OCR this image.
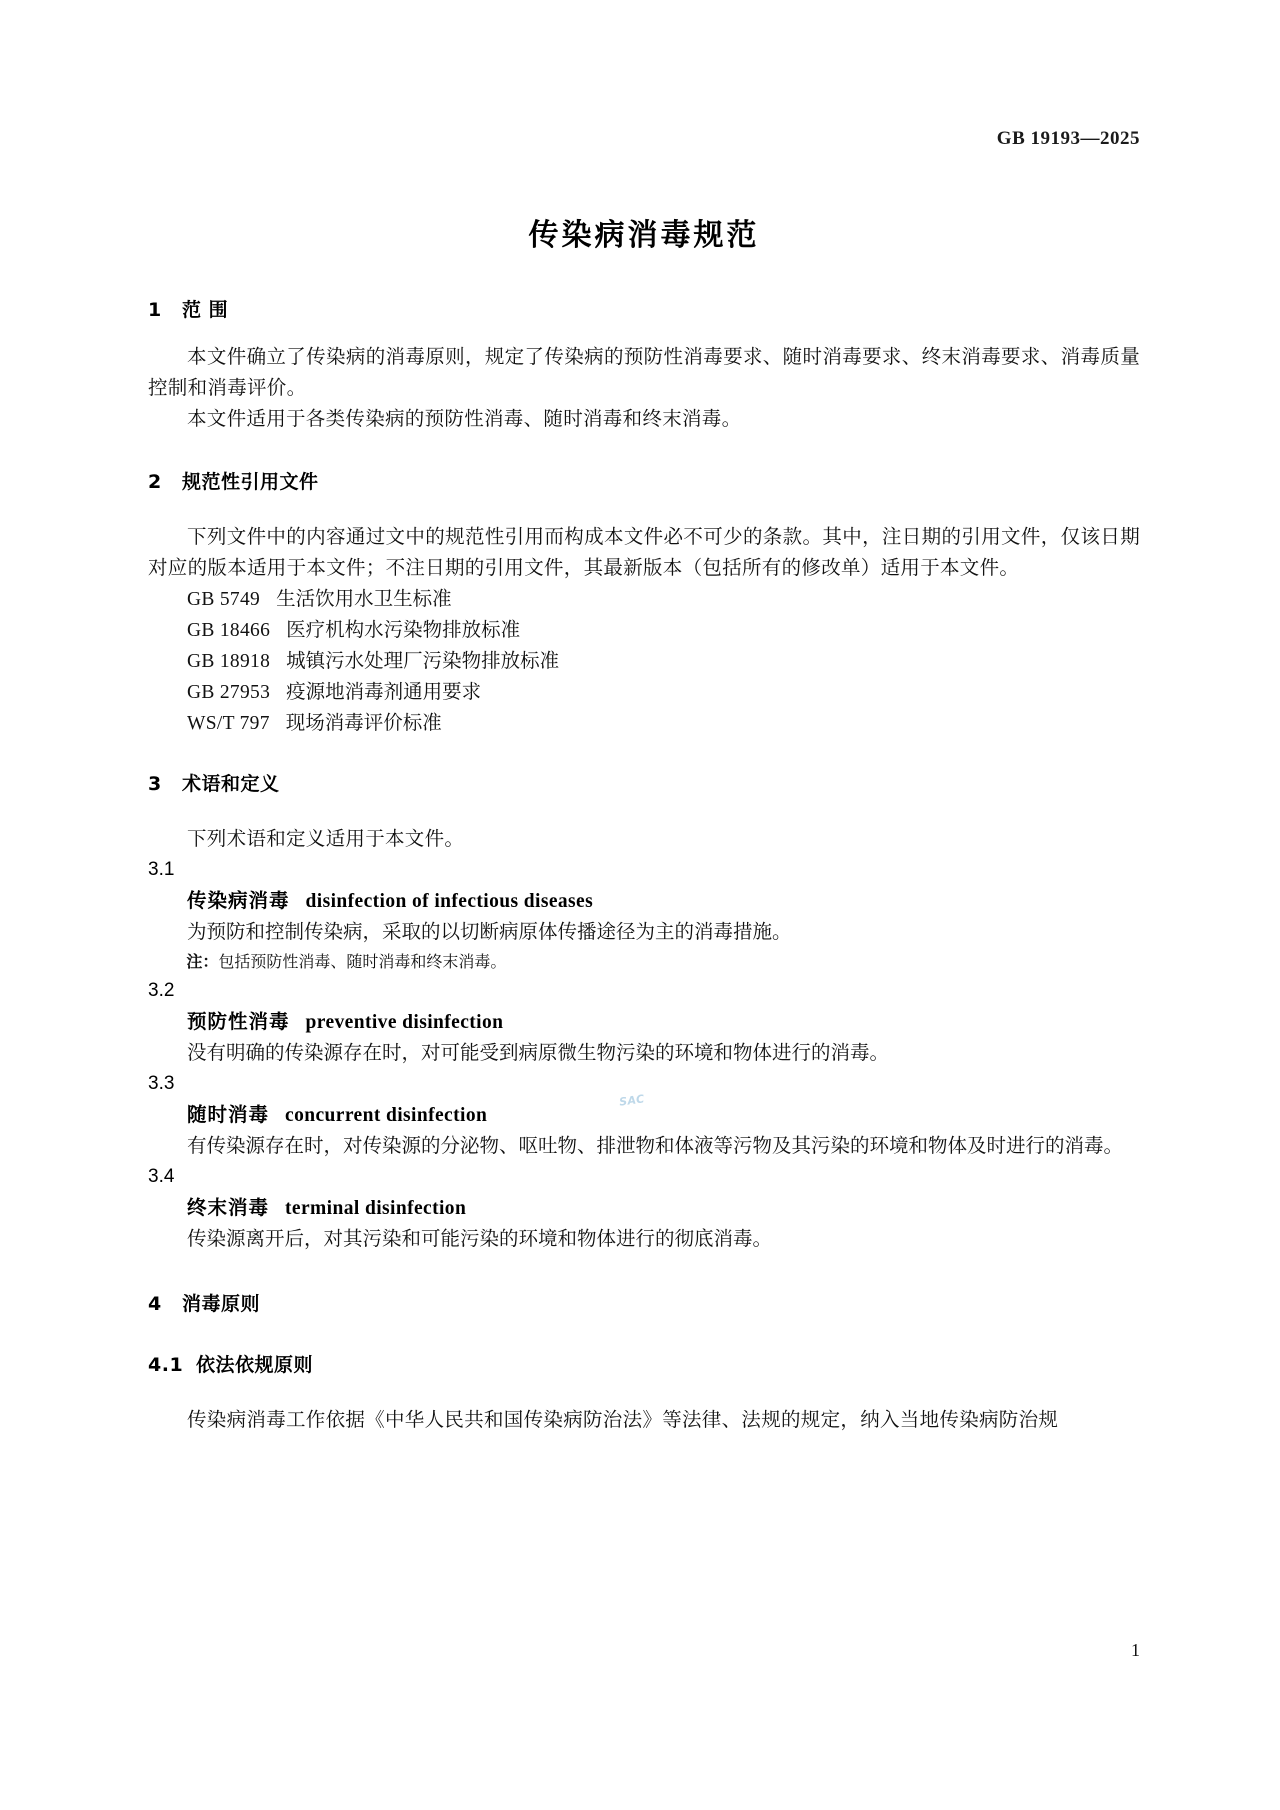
GB 19193—2025
传染病消毒规范
1 范 围

本文件确立了传染病的消毒原则，规定了传染病的预防性消毒要求、随时消毒要求、终末消毒要求、消毒质量控制和消毒评价。

本文件适用于各类传染病的预防性消毒、随时消毒和终末消毒。

2 规范性引用文件

下列文件中的内容通过文中的规范性引用而构成本文件必不可少的条款。其中，注日期的引用文件，仅该日期对应的版本适用于本文件；不注日期的引用文件，其最新版本（包括所有的修改单）适用于本文件。

GB 5749 生活饮用水卫生标准
GB 18466 医疗机构水污染物排放标准
GB 18918 城镇污水处理厂污染物排放标准
GB 27953 疫源地消毒剂通用要求
WS/T 797 现场消毒评价标准
3 术语和定义

下列术语和定义适用于本文件。

3.1

传染病消毒 disinfection of infectious diseases

为预防和控制传染病，采取的以切断病原体传播途径为主的消毒措施。

注：包括预防性消毒、随时消毒和终末消毒。

3.2

预防性消毒 preventive disinfection

没有明确的传染源存在时，对可能受到病原微生物污染的环境和物体进行的消毒。

3.3

随时消毒 concurrent disinfection

有传染源存在时，对传染源的分泌物、呕吐物、排泄物和体液等污物及其污染的环境和物体及时进行的消毒。

3.4

终末消毒 terminal disinfection

传染源离开后，对其污染和可能污染的环境和物体进行的彻底消毒。

4 消毒原则
4.1 依法依规原则

传染病消毒工作依据《中华人民共和国传染病防治法》等法律、法规的规定，纳入当地传染病防治规

1
SAC
